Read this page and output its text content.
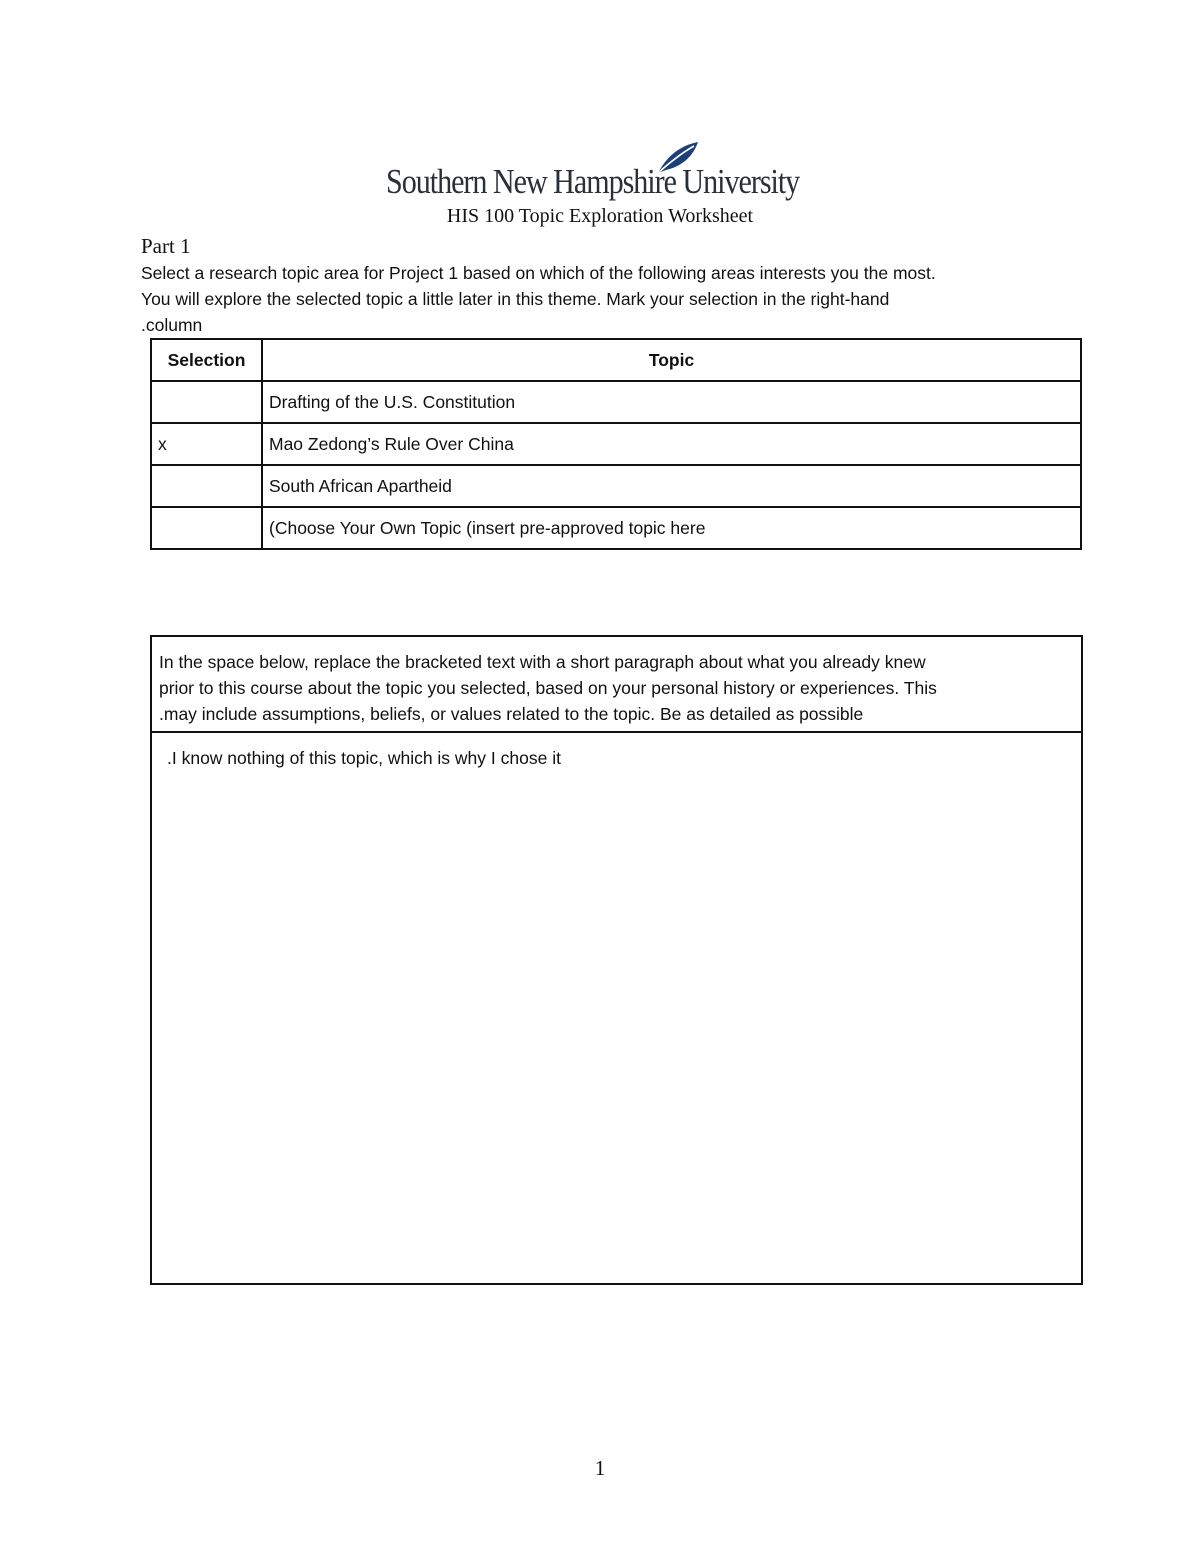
Southern New Hampshire University
HIS 100 Topic Exploration Worksheet
Part 1
Select a research topic area for Project 1 based on which of the following areas interests you the most.
You will explore the selected topic a little later in this theme. Mark your selection in the right-hand
.column
Selection	Topic
	Drafting of the U.S. Constitution
x	Mao Zedong’s Rule Over China
	South African Apartheid
	(Choose Your Own Topic (insert pre-approved topic here
In the space below, replace the bracketed text with a short paragraph about what you already knew
prior to this course about the topic you selected, based on your personal history or experiences. This
.may include assumptions, beliefs, or values related to the topic. Be as detailed as possible
.I know nothing of this topic, which is why I chose it
1
